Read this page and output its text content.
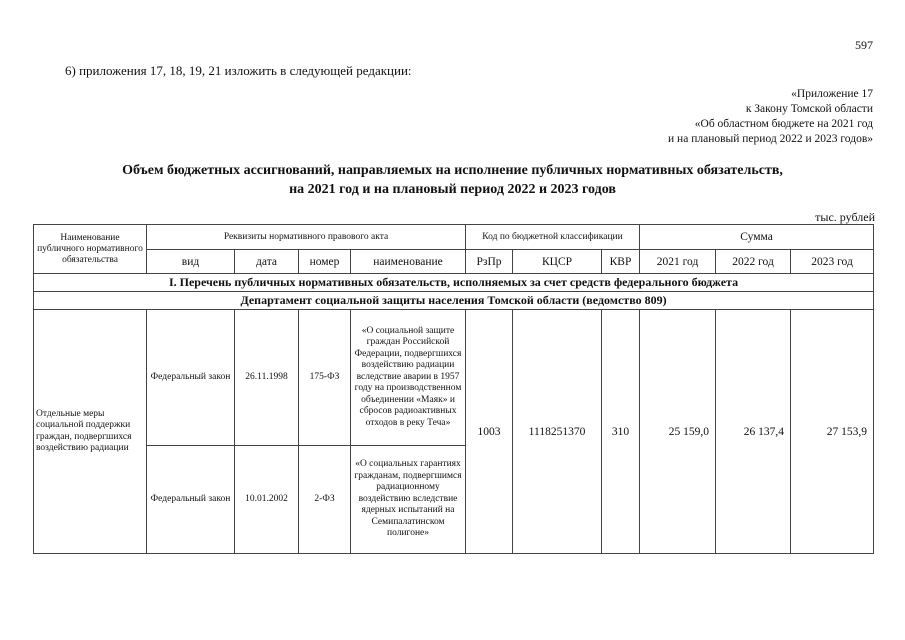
597
6) приложения 17, 18, 19, 21 изложить в следующей редакции:
«Приложение 17
к Закону Томской области
«Об областном бюджете на 2021 год
и на плановый период 2022 и 2023 годов»
Объем бюджетных ассигнований, направляемых на исполнение публичных нормативных обязательств,
на 2021 год и на плановый период 2022 и 2023 годов
тыс. рублей
Наименование публичного нормативного обязательства	Реквизиты нормативного правового акта				Код по бюджетной классификации			Сумма		
	вид	дата	номер	наименование	РзПр	КЦСР	КВР	2021 год	2022 год	2023 год
I. Перечень публичных нормативных обязательств, исполняемых за счет средств федерального бюджета										
Департамент социальной защиты населения Томской области (ведомство 809)										
Отдельные меры социальной поддержки граждан, подвергшихся воздействию радиации	Федеральный закон	26.11.1998	175-ФЗ	«О социальной защите граждан Российской Федерации, подвергшихся воздействию радиации вследствие аварии в 1957 году на производственном объединении «Маяк» и сбросов радиоактивных отходов в реку Теча»	1003	1118251370	310	25 159,0	26 137,4	27 153,9
	Федеральный закон	10.01.2002	2-ФЗ	«О социальных гарантиях гражданам, подвергшимся радиационному воздействию вследствие ядерных испытаний на Семипалатинском полигоне»						
